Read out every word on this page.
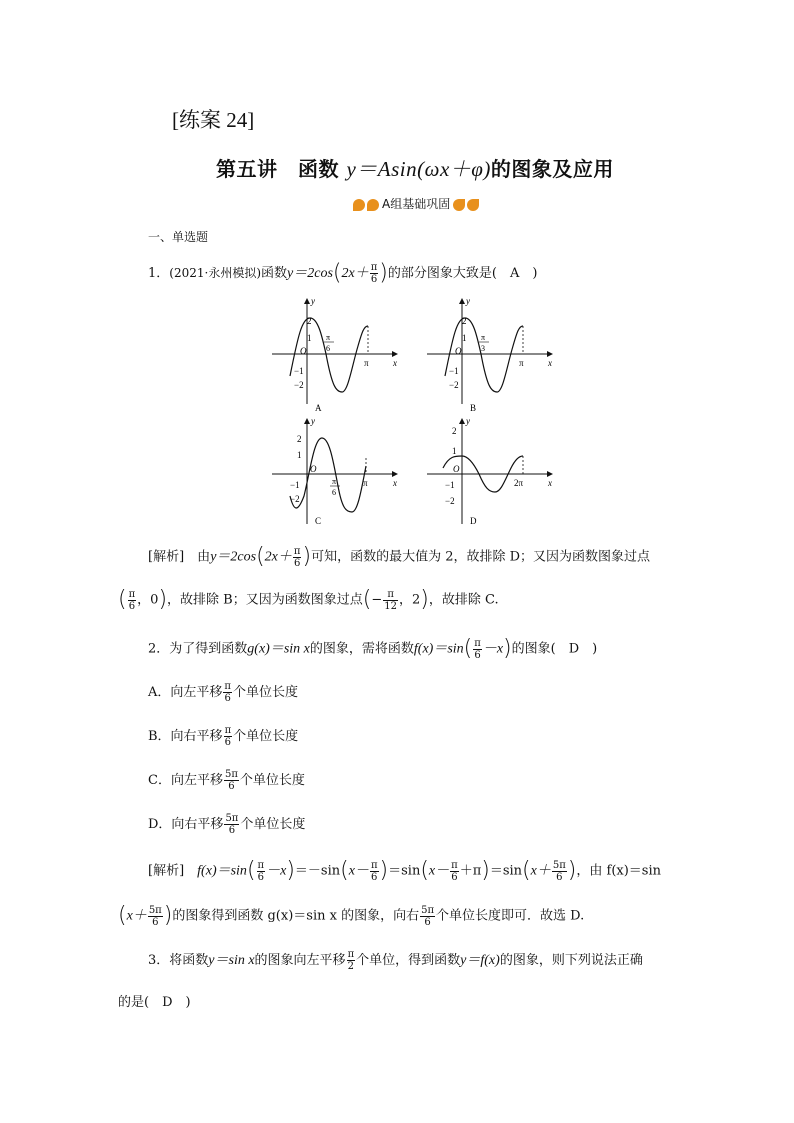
[练案 24]
第五讲　函数 y＝Asin(ωx＋φ)的图象及应用
A组基础巩固
一、单选题
1．(2021·永州模拟)函数$y=2\cos(2x+ \frac{\pi}{6}$ )的部分图象大致是(　A　)
y
x
2
1
O
−1
−2
π
6
π
A
y
x
2
1
O
−1
−2
π
3
π
B
y
x
2
1
O
−1
−2
π
6
π
C
y
x
2
1
O
−1
−2
2π
D
[解析]　 由$y=2\cos(2x+ \frac{\pi}{6}$ )可知，函数的最大值为 2，故排除 D；又因为函数图象过点
( $\frac{\pi}{6}$ ，0)，故排除 B；又因为函数图象过点(− $\frac{\pi}{12}$ ，2)，故排除 C.
2．为了得到函数g(x)＝sin x的图象，需将函数$f(x)=\sin( \frac{\pi}{6} -x)$的图象(　D　)
A．向左平移 $\frac{\pi}{6}$ 个单位长度
B．向右平移 $\frac{\pi}{6}$ 个单位长度
C．向左平移 $\frac{5\pi}{6}$ 个单位长度
D．向右平移 $\frac{5\pi}{6}$ 个单位长度
[解析]　 $f(x)=\sin( \frac{\pi}{6} -x)=-\sin(x- \frac{\pi}{6} )=\sin(x- \frac{\pi}{6} +\pi)=\sin(x+ \frac{5\pi}{6}$ )，由 f(x)＝sin
($x+ \frac{5\pi}{6}$ )的图象得到函数 g(x)＝sin x 的图象，向右 $\frac{5\pi}{6}$ 个单位长度即可．故选 D.
3．将函数y＝sin x的图象向左平移 $\frac{\pi}{2}$ 个单位，得到函数y＝f(x)的图象，则下列说法正确
的是(　D　)
